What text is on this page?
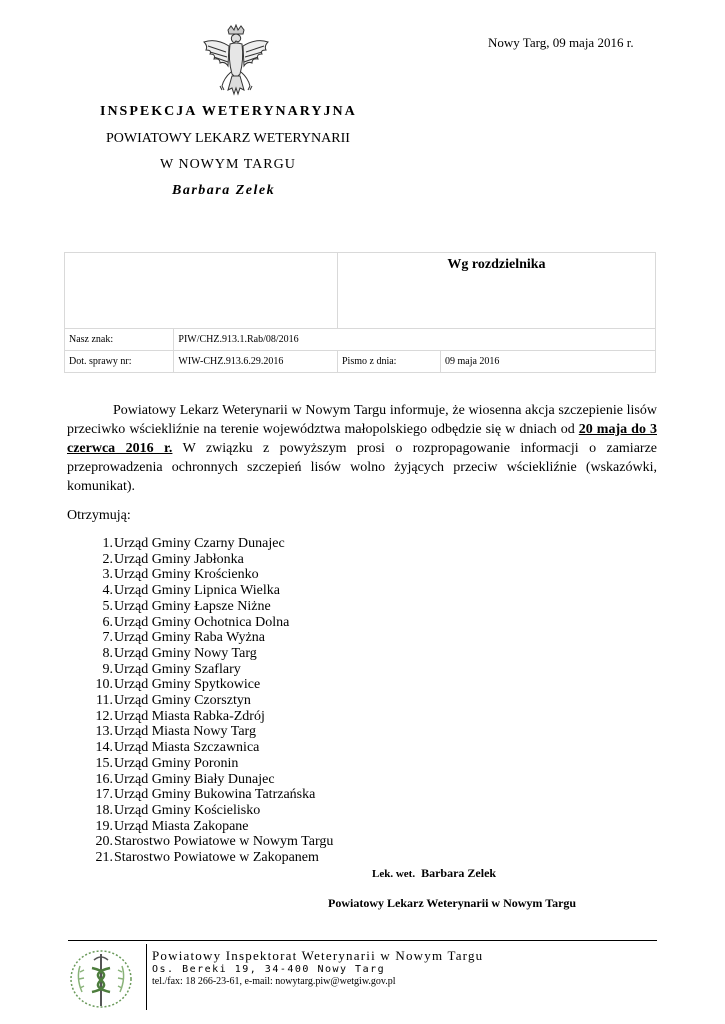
Nowy Targ, 09 maja 2016 r.
INSPEKCJA WETERYNARYJNA
POWIATOWY LEKARZ WETERYNARII
W NOWYM TARGU
Barbara Zelek
		Wg rozdzielnika	
Nasz znak:	PIW/CHZ.913.1.Rab/08/2016		
Dot. sprawy nr:	WIW-CHZ.913.6.29.2016	Pismo z dnia:	09 maja 2016

Powiatowy Lekarz Weterynarii w Nowym Targu informuje, że wiosenna akcja szczepienie lisów przeciwko wściekliźnie na terenie województwa małopolskiego odbędzie się w dniach od 20 maja do 3 czerwca 2016 r. W związku z powyższym prosi o rozpropagowanie informacji o zamiarze przeprowadzenia ochronnych szczepień lisów wolno żyjących przeciw wściekliźnie (wskazówki, komunikat).

Otrzymują:
1. Urząd Gminy Czarny Dunajec
2. Urząd Gminy Jabłonka
3. Urząd Gminy Krościenko
4. Urząd Gminy Lipnica Wielka
5. Urząd Gminy Łapsze Niżne
6. Urząd Gminy Ochotnica Dolna
7. Urząd Gminy Raba Wyżna
8. Urząd Gminy Nowy Targ
9. Urząd Gminy Szaflary
10. Urząd Gminy Spytkowice
11. Urząd Gminy Czorsztyn
12. Urząd Miasta Rabka-Zdrój
13. Urząd Miasta Nowy Targ
14. Urząd Miasta Szczawnica
15. Urząd Gminy Poronin
16. Urząd Gminy Biały Dunajec
17. Urząd Gminy Bukowina Tatrzańska
18. Urząd Gminy Kościelisko
19. Urząd Miasta Zakopane
20. Starostwo Powiatowe w Nowym Targu
21. Starostwo Powiatowe w Zakopanem
Lek. wet. Barbara Zelek
Powiatowy Lekarz Weterynarii w Nowym Targu
Powiatowy Inspektorat Weterynarii w Nowym Targu
Os. Bereki 19, 34-400 Nowy Targ
tel./fax: 18 266-23-61, e-mail: nowytarg.piw@wetgiw.gov.pl
